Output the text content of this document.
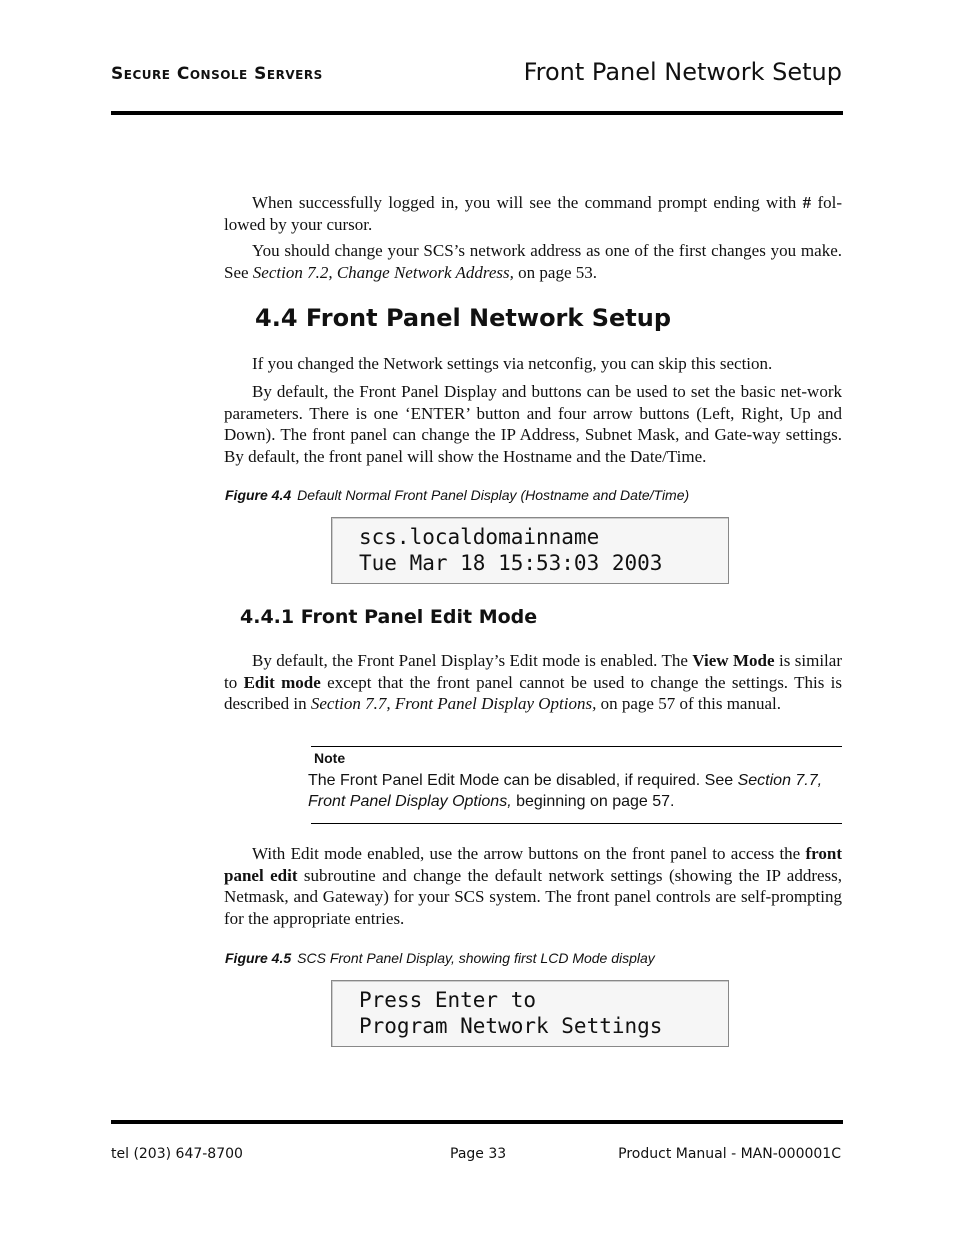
Secure Console Servers	Front Panel Network Setup
When successfully logged in, you will see the command prompt ending with # fol-lowed by your cursor.
You should change your SCS’s network address as one of the first changes you make. See Section 7.2, Change Network Address, on page 53.
4.4 Front Panel Network Setup
If you changed the Network settings via netconfig, you can skip this section.
By default, the Front Panel Display and buttons can be used to set the basic net-work parameters. There is one ‘ENTER’ button and four arrow buttons (Left, Right, Up and Down). The front panel can change the IP Address, Subnet Mask, and Gate-way settings. By default, the front panel will show the Hostname and the Date/Time.
Figure 4.4 Default Normal Front Panel Display (Hostname and Date/Time)
scs.localdomainname
Tue Mar 18 15:53:03 2003
4.4.1 Front Panel Edit Mode
By default, the Front Panel Display’s Edit mode is enabled. The View Mode is similar to Edit mode except that the front panel cannot be used to change the settings. This is described in Section 7.7, Front Panel Display Options, on page 57 of this manual.
Note
The Front Panel Edit Mode can be disabled, if required. See Section 7.7, Front Panel Display Options, beginning on page 57.
With Edit mode enabled, use the arrow buttons on the front panel to access the front panel edit subroutine and change the default network settings (showing the IP address, Netmask, and Gateway) for your SCS system. The front panel controls are self-prompting for the appropriate entries.
Figure 4.5 SCS Front Panel Display, showing first LCD Mode display
Press Enter to
Program Network Settings
tel (203) 647-8700	Page 33	Product Manual - MAN-000001C
